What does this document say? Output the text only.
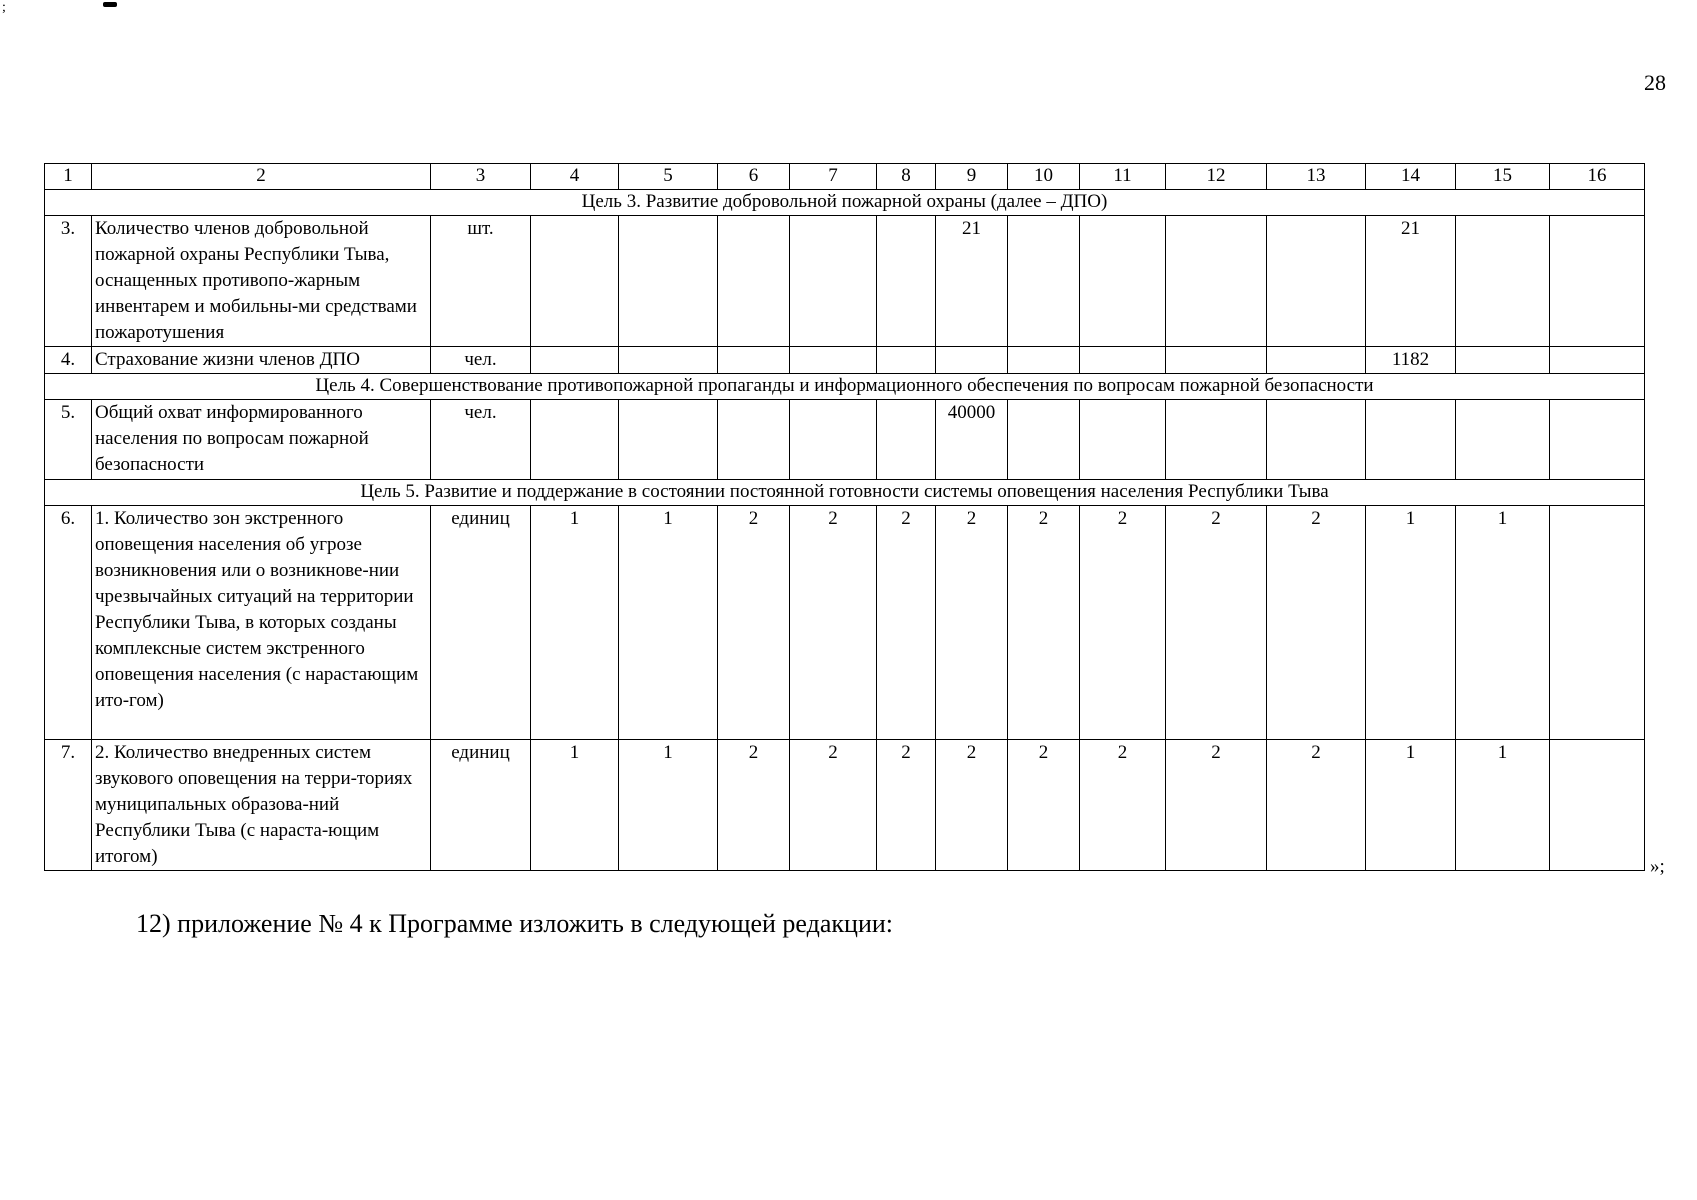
;
28
1	2	3	4	5	6	7	8	9	10	11	12	13	14	15	16
Цель 3. Развитие добровольной пожарной охраны (далее – ДПО)															
3.	Количество членов добровольной пожарной охраны Республики Тыва, оснащенных противопо-жарным инвентарем и мобильны-ми средствами пожаротушения	шт.						21					21		
4.	Страхование жизни членов ДПО	чел.											1182		
Цель 4. Совершенствование противопожарной пропаганды и информационного обеспечения по вопросам пожарной безопасности															
5.	Общий охват информированного населения по вопросам пожарной безопасности	чел.						40000							
Цель 5. Развитие и поддержание в состоянии постоянной готовности системы оповещения населения Республики Тыва															
6.	1. Количество зон экстренного оповещения населения об угрозе возникновения или о возникнове-нии чрезвычайных ситуаций на территории Республики Тыва, в которых созданы комплексные систем экстренного оповещения населения (с нарастающим ито-гом)	единиц	1	1	2	2	2	2	2	2	2	2	1	1	
7.	2. Количество внедренных систем звукового оповещения на терри-ториях муниципальных образова-ний Республики Тыва (с нараста-ющим итогом)	единиц	1	1	2	2	2	2	2	2	2	2	1	1	
»;
12) приложение № 4 к Программе изложить в следующей редакции:
